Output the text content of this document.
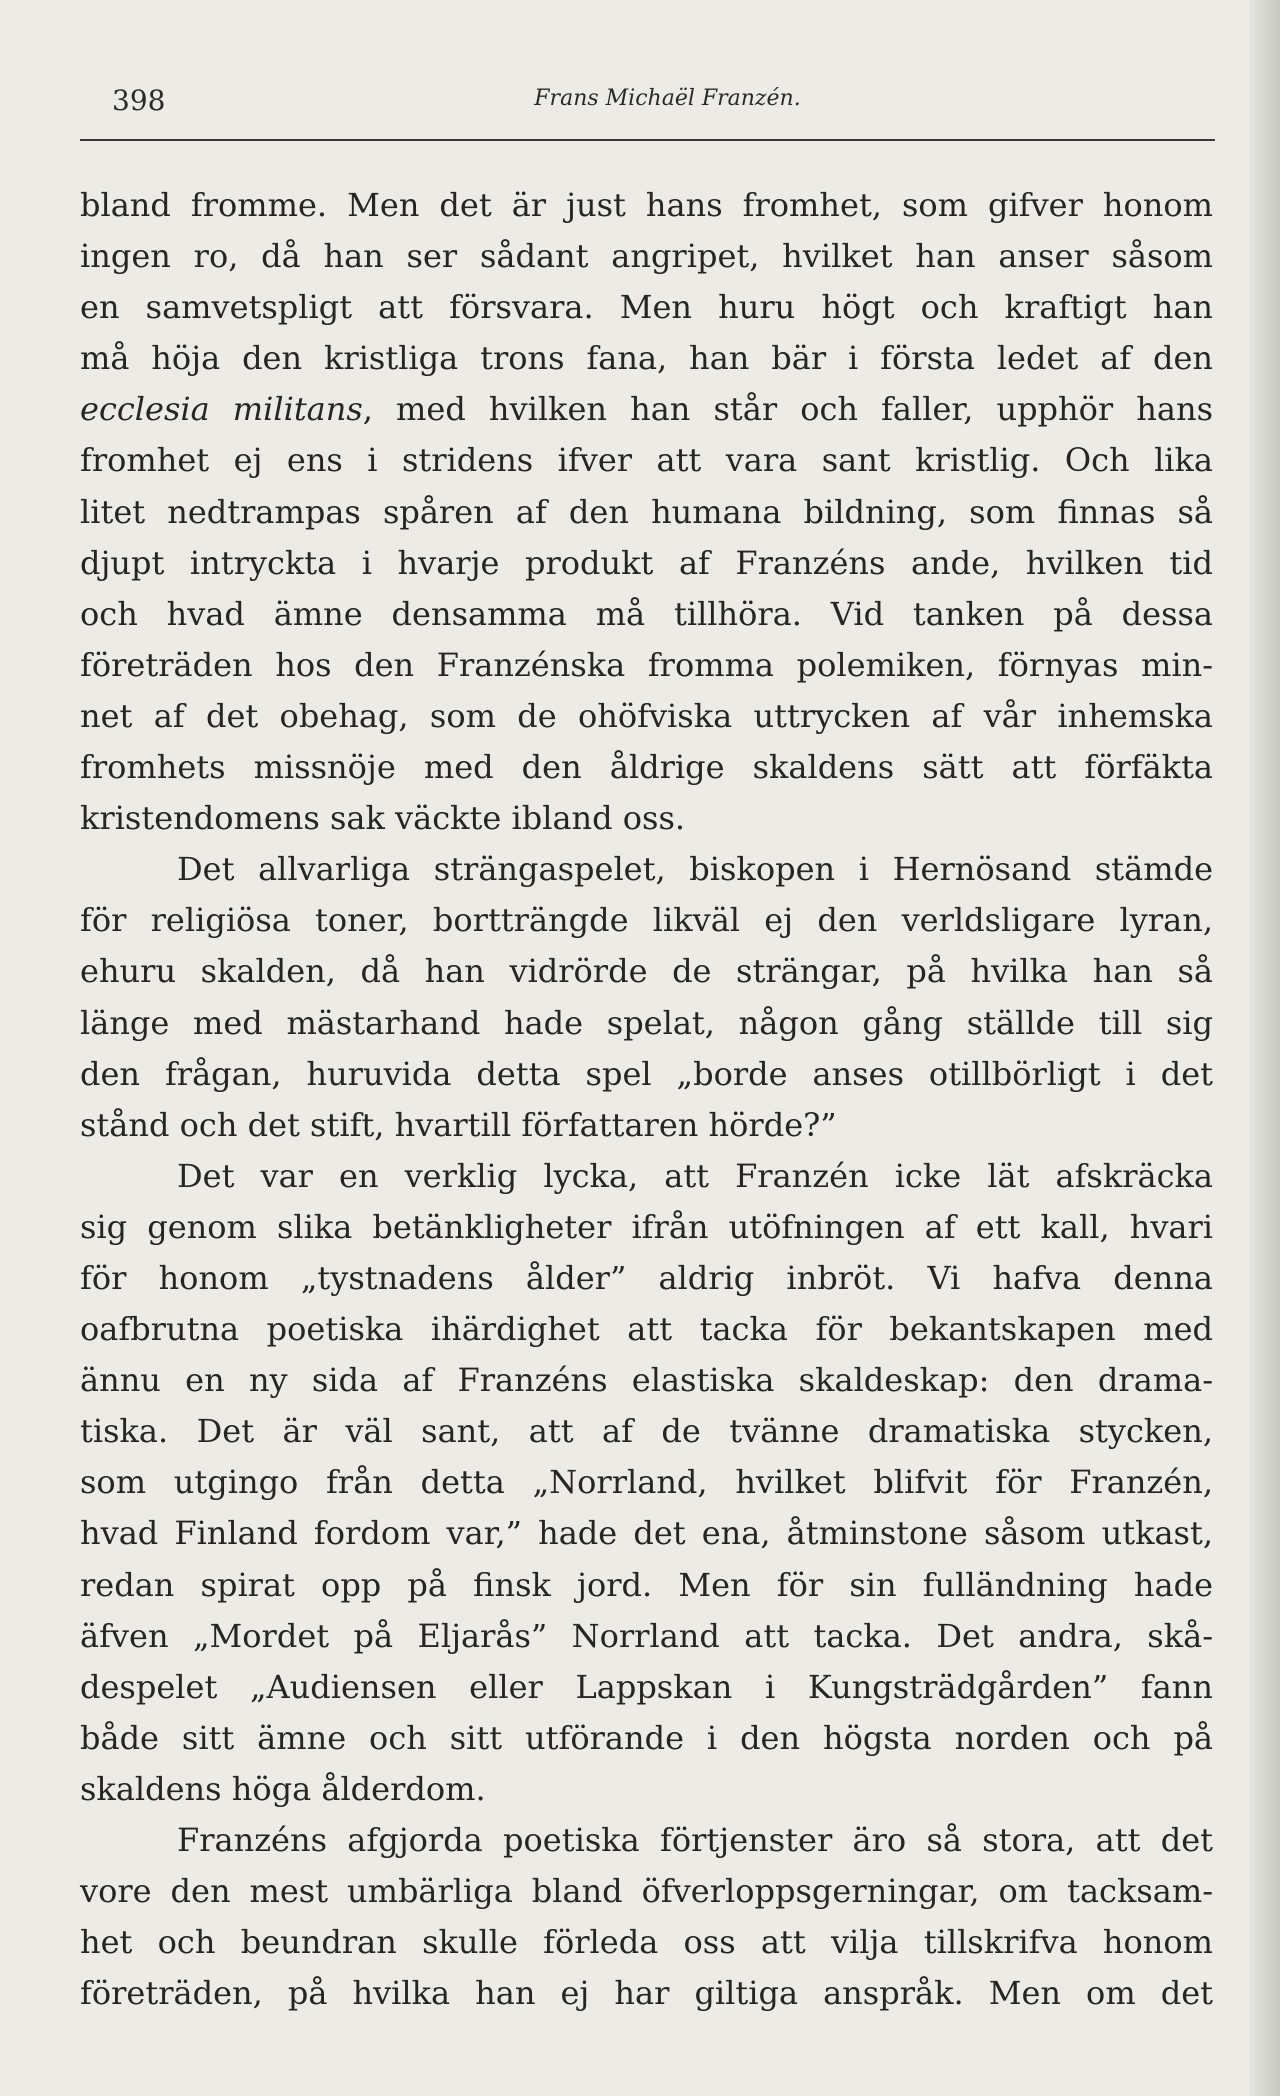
398	Frans Michaël Franzén.
bland fromme. Men det är just hans fromhet, som gifver honom
ingen ro, då han ser sådant angripet, hvilket han anser såsom
en samvetspligt att försvara. Men huru högt och kraftigt han
må höja den kristliga trons fana, han bär i första ledet af den
ecclesia militans, med hvilken han står och faller, upphör hans
fromhet ej ens i stridens ifver att vara sant kristlig. Och lika
litet nedtrampas spåren af den humana bildning, som finnas så
djupt intryckta i hvarje produkt af Franzéns ande, hvilken tid
och hvad ämne densamma må tillhöra. Vid tanken på dessa
företräden hos den Franzénska fromma polemiken, förnyas min-
net af det obehag, som de ohöfviska uttrycken af vår inhemska
fromhets missnöje med den åldrige skaldens sätt att förfäkta
kristendomens sak väckte ibland oss.
Det allvarliga strängaspelet, biskopen i Hernösand stämde
för religiösa toner, bortträngde likväl ej den verldsligare lyran,
ehuru skalden, då han vidrörde de strängar, på hvilka han så
länge med mästarhand hade spelat, någon gång ställde till sig
den frågan, huruvida detta spel „borde anses otillbörligt i det
stånd och det stift, hvartill författaren hörde?”
Det var en verklig lycka, att Franzén icke lät afskräcka
sig genom slika betänkligheter ifrån utöfningen af ett kall, hvari
för honom „tystnadens ålder” aldrig inbröt. Vi hafva denna
oafbrutna poetiska ihärdighet att tacka för bekantskapen med
ännu en ny sida af Franzéns elastiska skaldeskap: den drama-
tiska. Det är väl sant, att af de tvänne dramatiska stycken,
som utgingo från detta „Norrland, hvilket blifvit för Franzén,
hvad Finland fordom var,” hade det ena, åtminstone såsom utkast,
redan spirat opp på finsk jord. Men för sin fulländning hade
äfven „Mordet på Eljarås” Norrland att tacka. Det andra, skå-
despelet „Audiensen eller Lappskan i Kungsträdgården” fann
både sitt ämne och sitt utförande i den högsta norden och på
skaldens höga ålderdom.
Franzéns afgjorda poetiska förtjenster äro så stora, att det
vore den mest umbärliga bland öfverloppsgerningar, om tacksam-
het och beundran skulle förleda oss att vilja tillskrifva honom
företräden, på hvilka han ej har giltiga anspråk. Men om det
